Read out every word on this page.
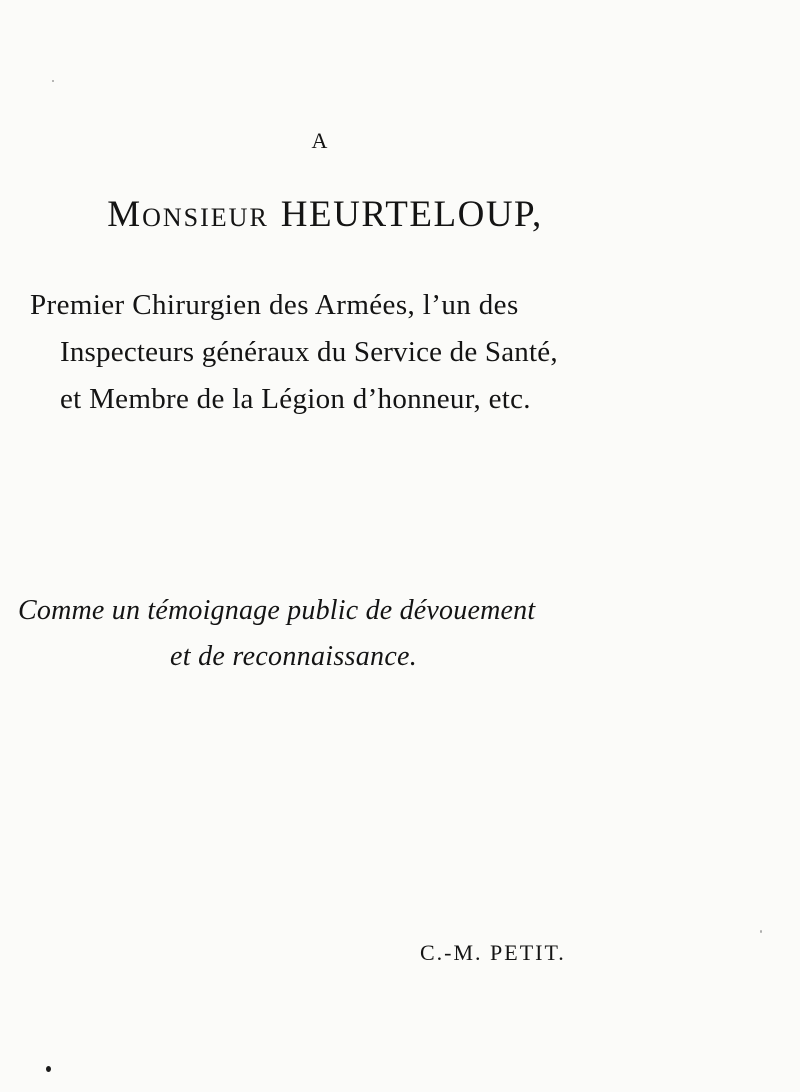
A
Monsieur HEURTELOUP,
Premier Chirurgien des Armées, l’un des
Inspecteurs généraux du Service de Santé,
et Membre de la Légion d’honneur, etc.
Comme un témoignage public de dévouement
et de reconnaissance.
C.-M. PETIT.
